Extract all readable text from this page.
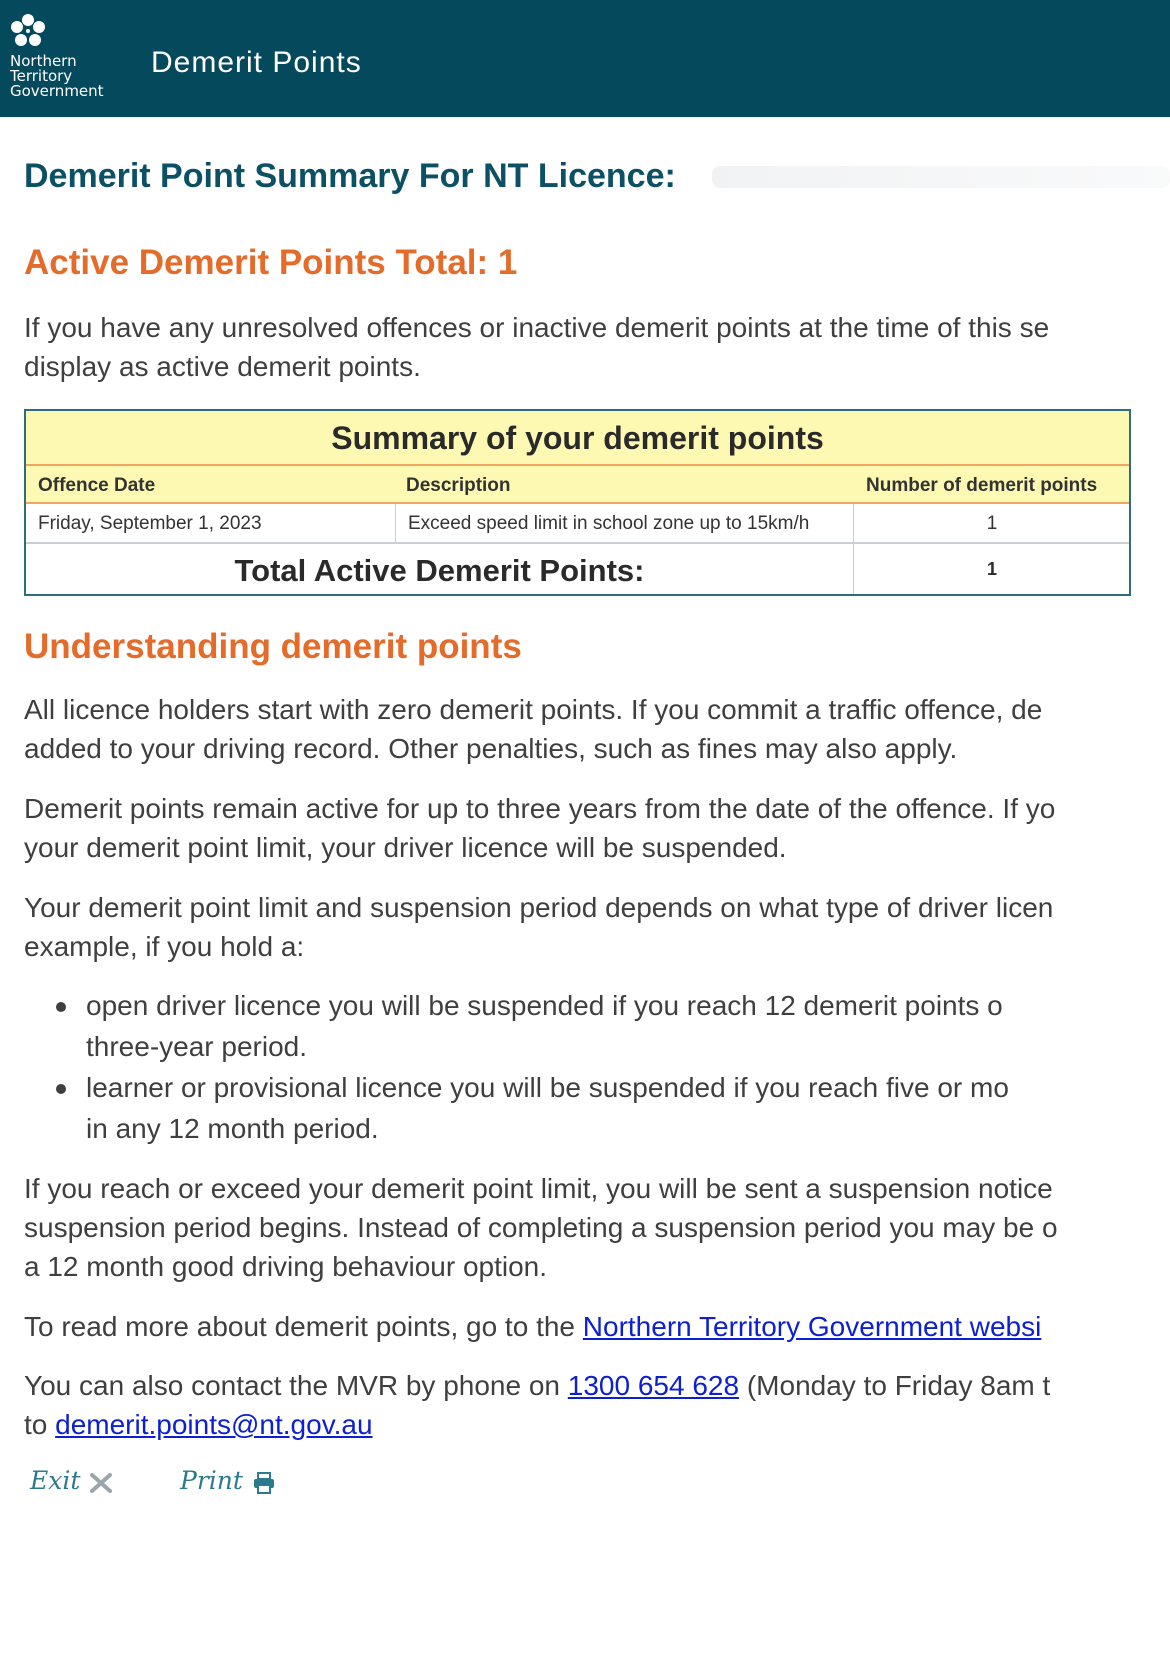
Northern
Territory
Government
Demerit Points
Demerit Point Summary For NT Licence:
Active Demerit Points Total: 1
If you have any unresolved offences or inactive demerit points at the time of this se
display as active demerit points.
Summary of your demerit points
Offence Date	Description	Number of demerit points
Friday, September 1, 2023	Exceed speed limit in school zone up to 15km/h	1
Total Active Demerit Points:	1
Understanding demerit points
All licence holders start with zero demerit points. If you commit a traffic offence, de
added to your driving record. Other penalties, such as fines may also apply.
Demerit points remain active for up to three years from the date of the offence. If yo
your demerit point limit, your driver licence will be suspended.
Your demerit point limit and suspension period depends on what type of driver licen
example, if you hold a:
open driver licence you will be suspended if you reach 12 demerit points o
three-year period.
learner or provisional licence you will be suspended if you reach five or mo
in any 12 month period.
If you reach or exceed your demerit point limit, you will be sent a suspension notice
suspension period begins. Instead of completing a suspension period you may be o
a 12 month good driving behaviour option.
To read more about demerit points, go to the Northern Territory Government websi
You can also contact the MVR by phone on 1300 654 628 (Monday to Friday 8am t
to demerit.points@nt.gov.au
Exit	Print
